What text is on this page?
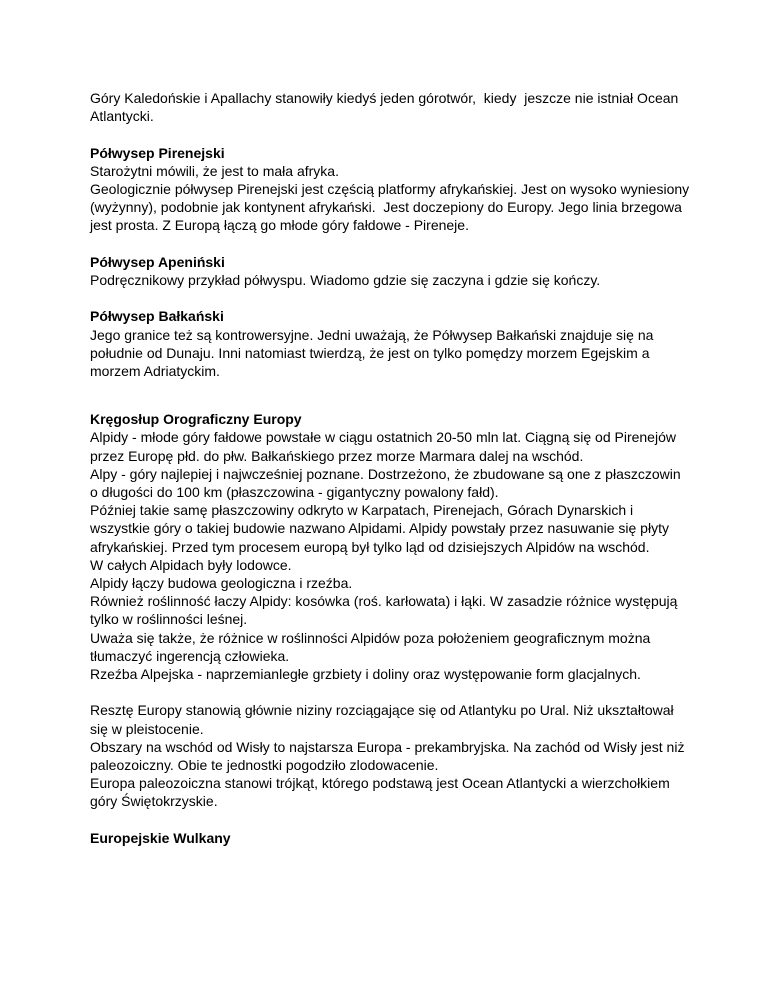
Góry Kaledońskie i Apallachy stanowiły kiedyś jeden górotwór,  kiedy  jeszcze nie istniał Ocean Atlantycki.

Półwysep Pirenejski

Starożytni mówili, że jest to mała afryka.

Geologicznie półwysep Pirenejski jest częścią platformy afrykańskiej. Jest on wysoko wyniesiony (wyżynny), podobnie jak kontynent afrykański.  Jest doczepiony do Europy. Jego linia brzegowa jest prosta. Z Europą łączą go młode góry fałdowe - Pireneje.

Półwysep Apeniński

Podręcznikowy przykład półwyspu. Wiadomo gdzie się zaczyna i gdzie się kończy.

Półwysep Bałkański

Jego granice też są kontrowersyjne. Jedni uważają, że Półwysep Bałkański znajduje się na południe od Dunaju. Inni natomiast twierdzą, że jest on tylko pomędzy morzem Egejskim a morzem Adriatyckim.

Kręgosłup Orograficzny Europy

Alpidy - młode góry fałdowe powstałe w ciągu ostatnich 20-50 mln lat. Ciągną się od Pirenejów przez Europę płd. do płw. Bałkańskiego przez morze Marmara dalej na wschód.

Alpy - góry najlepiej i najwcześniej poznane. Dostrzeżono, że zbudowane są one z płaszczowin o długości do 100 km (płaszczowina - gigantyczny powalony fałd).

Później takie samę płaszczowiny odkryto w Karpatach, Pirenejach, Górach Dynarskich i  wszystkie góry o takiej budowie nazwano Alpidami. Alpidy powstały przez nasuwanie się płyty afrykańskiej. Przed tym procesem europą był tylko ląd od dzisiejszych Alpidów na wschód.

W całych Alpidach były lodowce.

Alpidy łączy budowa geologiczna i rzeźba.

Również roślinność łaczy Alpidy: kosówka (roś. karłowata) i łąki. W zasadzie różnice występują tylko w roślinności leśnej.

Uważa się także, że różnice w roślinności Alpidów poza położeniem geograficznym można tłumaczyć ingerencją człowieka.

Rzeźba Alpejska - naprzemianległe grzbiety i doliny oraz występowanie form glacjalnych.

Resztę Europy stanowią głównie niziny rozciągające się od Atlantyku po Ural. Niż ukształtował się w pleistocenie.

Obszary na wschód od Wisły to najstarsza Europa - prekambryjska. Na zachód od Wisły jest niż paleozoiczny. Obie te jednostki pogodziło zlodowacenie.

Europa paleozoiczna stanowi trójkąt, którego podstawą jest Ocean Atlantycki a wierzchołkiem góry Świętokrzyskie.

Europejskie Wulkany
